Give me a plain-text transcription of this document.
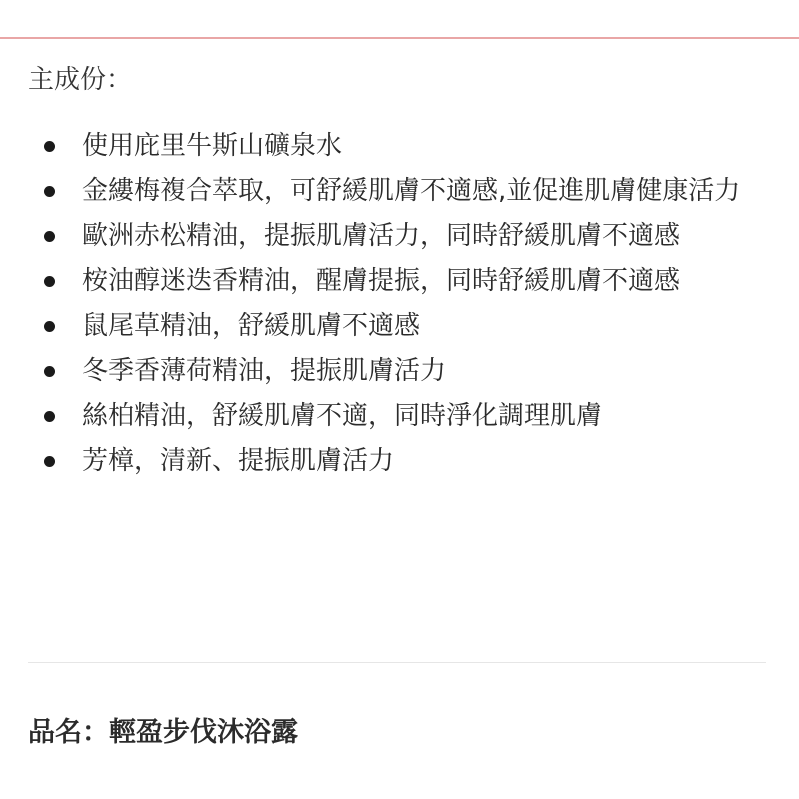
主成份：
使用庇里牛斯山礦泉水
金縷梅複合萃取，可舒緩肌膚不適感,並促進肌膚健康活力
歐洲赤松精油，提振肌膚活力，同時舒緩肌膚不適感
桉油醇迷迭香精油，醒膚提振，同時舒緩肌膚不適感
鼠尾草精油，舒緩肌膚不適感
冬季香薄荷精油，提振肌膚活力
絲柏精油，舒緩肌膚不適，同時淨化調理肌膚
芳樟，清新、提振肌膚活力
品名：輕盈步伐沐浴露
